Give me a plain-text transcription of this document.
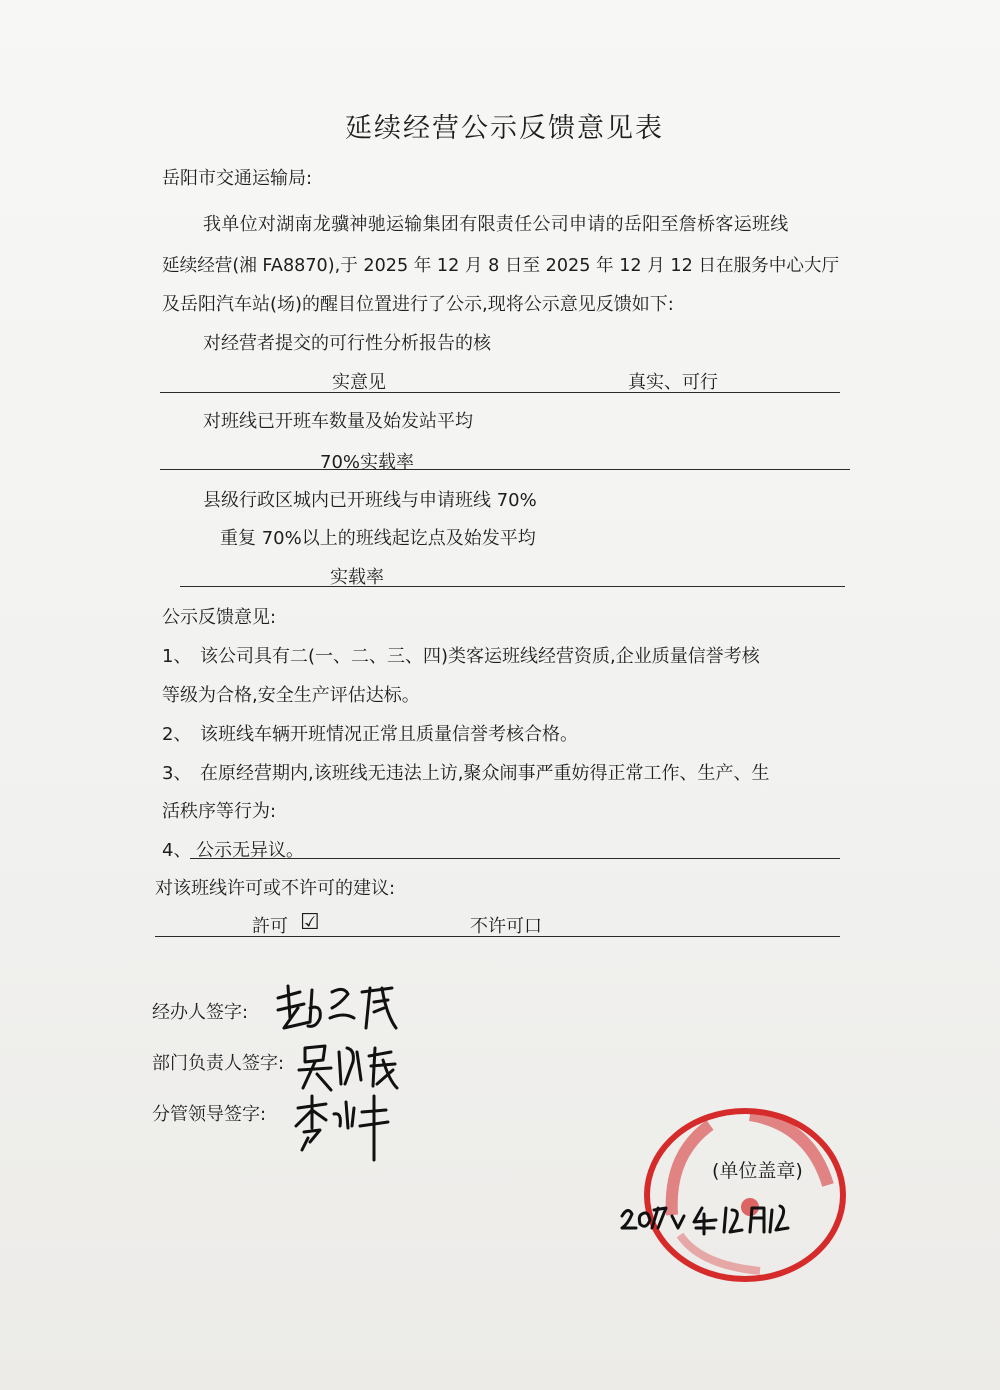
延续经营公示反馈意见表
岳阳市交通运输局:
我单位对湖南龙骥神驰运输集团有限责任公司申请的岳阳至詹桥客运班线
延续经营(湘 FA8870),于 2025 年 12 月 8 日至 2025 年 12 月 12 日在服务中心大厅
及岳阳汽车站(场)的醒目位置进行了公示,现将公示意见反馈如下:
对经营者提交的可行性分析报告的核
实意见	真实、可行
对班线已开班车数量及始发站平均
70%实载率
县级行政区城内已开班线与申请班线 70%
重复 70%以上的班线起讫点及始发平均
实载率
公示反馈意见:
1、 该公司具有二(一、二、三、四)类客运班线经营资质,企业质量信誉考核
等级为合格,安全生产评估达标。
2、 该班线车辆开班情况正常且质量信誉考核合格。
3、 在原经营期内,该班线无违法上访,聚众闹事严重妨得正常工作、生产、生
活秩序等行为:
4、 公示无异议。
对该班线许可或不许可的建议:
許可 ☑	不许可口
经办人签字:
部门负责人签字:
分管领导签字:
(单位盖章)
